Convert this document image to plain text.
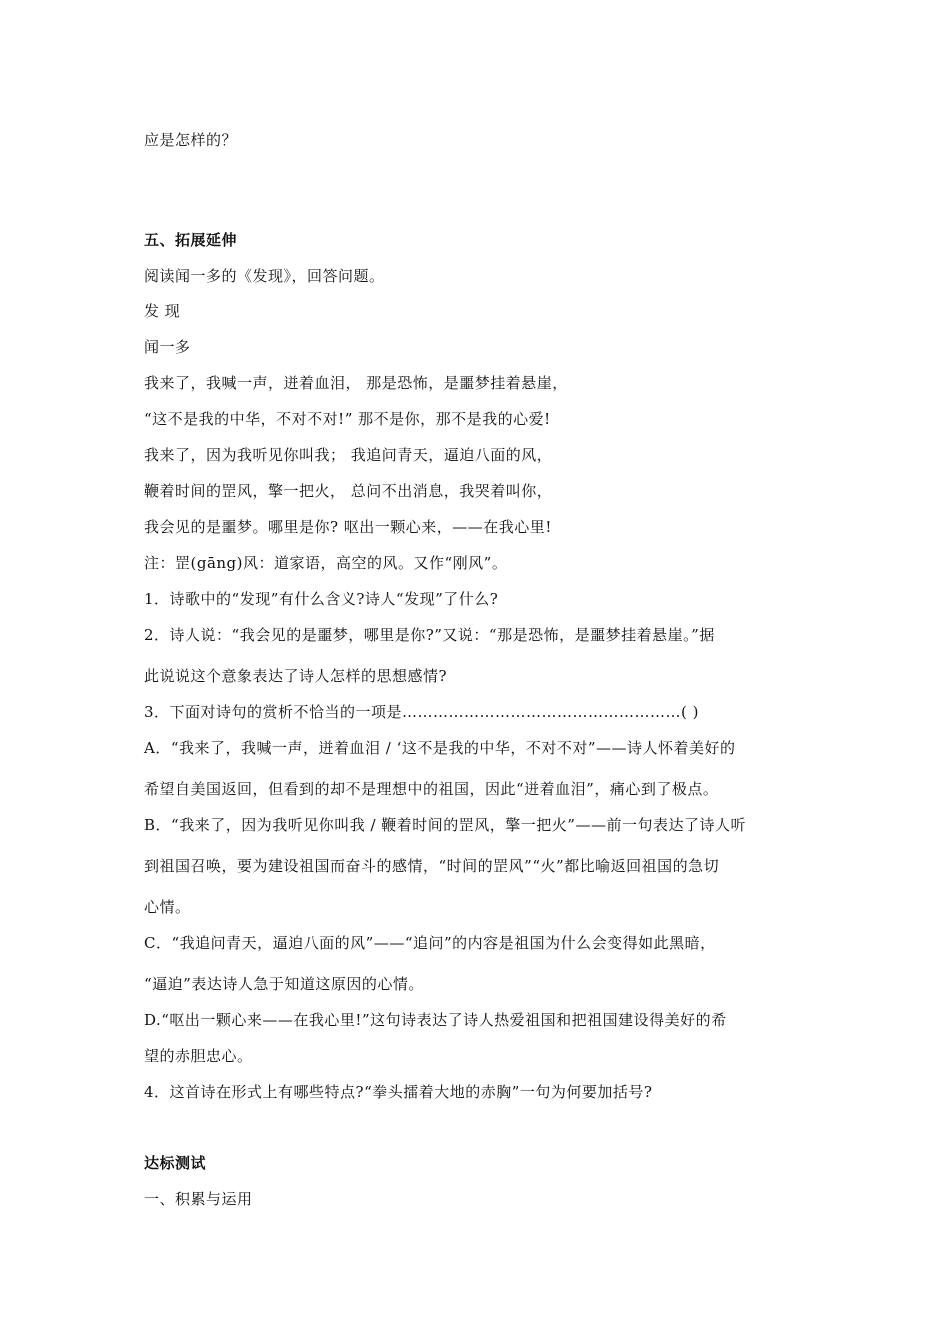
应是怎样的？
五、拓展延伸
阅读闻一多的《发现》，回答问题。
发 现
闻一多
我来了，我喊一声，迸着血泪， 那是恐怖，是噩梦挂着悬崖，
“这不是我的中华，不对不对!” 那不是你，那不是我的心爱!
我来了，因为我听见你叫我； 我追问青天，逼迫八面的风，
鞭着时间的罡风，擎一把火， 总问不出消息，我哭着叫你，
我会见的是噩梦。哪里是你? 呕出一颗心来，——在我心里!
注：罡(gāng)风：道家语，高空的风。又作“刚风”。
1．诗歌中的“发现”有什么含义?诗人“发现”了什么?
2．诗人说：“我会见的是噩梦，哪里是你?”又说：“那是恐怖，是噩梦挂着悬崖。”据
此说说这个意象表达了诗人怎样的思想感情?
3．下面对诗句的赏析不恰当的一项是………………………………………………( )
A．“我来了，我喊一声，迸着血泪 / ‘这不是我的中华，不对不对”——诗人怀着美好的
希望自美国返回，但看到的却不是理想中的祖国，因此“迸着血泪”，痛心到了极点。
B．“我来了，因为我听见你叫我 / 鞭着时间的罡风，擎一把火”——前一句表达了诗人听
到祖国召唤，要为建设祖国而奋斗的感情，“时间的罡风”“火”都比喻返回祖国的急切
心情。
C．“我追问青天，逼迫八面的风”——“追问”的内容是祖国为什么会变得如此黑暗，
“逼迫”表达诗人急于知道这原因的心情。
D.“呕出一颗心来——在我心里!”这句诗表达了诗人热爱祖国和把祖国建设得美好的希
望的赤胆忠心。
4．这首诗在形式上有哪些特点?“拳头擂着大地的赤胸”一句为何要加括号?
达标测试
一、积累与运用
